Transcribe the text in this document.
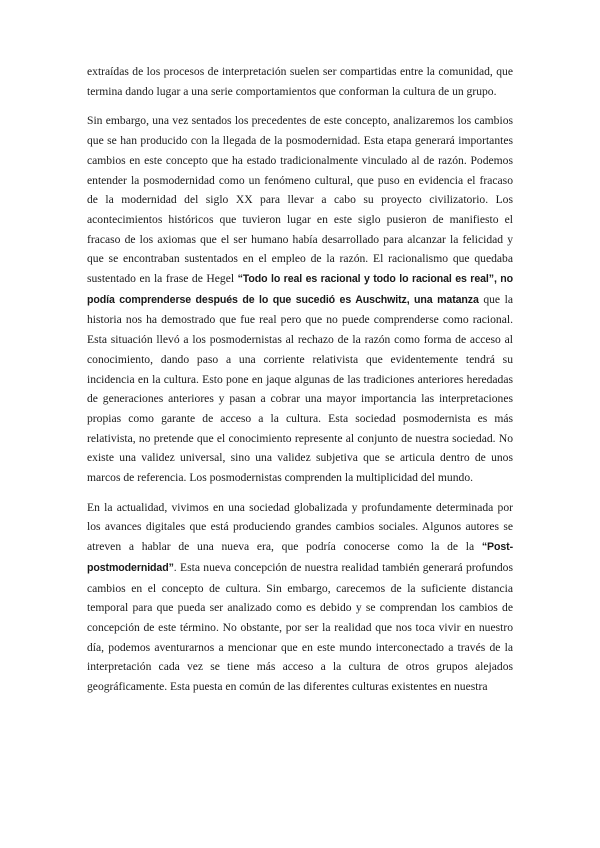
extraídas de los procesos de interpretación suelen ser compartidas entre la comunidad, que termina dando lugar a una serie comportamientos que conforman la cultura de un grupo.

Sin embargo, una vez sentados los precedentes de este concepto, analizaremos los cambios que se han producido con la llegada de la posmodernidad. Esta etapa generará importantes cambios en este concepto que ha estado tradicionalmente vinculado al de razón. Podemos entender la posmodernidad como un fenómeno cultural, que puso en evidencia el fracaso de la modernidad del siglo XX para llevar a cabo su proyecto civilizatorio. Los acontecimientos históricos que tuvieron lugar en este siglo pusieron de manifiesto el fracaso de los axiomas que el ser humano había desarrollado para alcanzar la felicidad y que se encontraban sustentados en el empleo de la razón. El racionalismo que quedaba sustentado en la frase de Hegel “Todo lo real es racional y todo lo racional es real”, no podía comprenderse después de lo que sucedió es Auschwitz, una matanza que la historia nos ha demostrado que fue real pero que no puede comprenderse como racional. Esta situación llevó a los posmodernistas al rechazo de la razón como forma de acceso al conocimiento, dando paso a una corriente relativista que evidentemente tendrá su incidencia en la cultura. Esto pone en jaque algunas de las tradiciones anteriores heredadas de generaciones anteriores y pasan a cobrar una mayor importancia las interpretaciones propias como garante de acceso a la cultura. Esta sociedad posmodernista es más relativista, no pretende que el conocimiento represente al conjunto de nuestra sociedad. No existe una validez universal, sino una validez subjetiva que se articula dentro de unos marcos de referencia. Los posmodernistas comprenden la multiplicidad del mundo.

En la actualidad, vivimos en una sociedad globalizada y profundamente determinada por los avances digitales que está produciendo grandes cambios sociales. Algunos autores se atreven a hablar de una nueva era, que podría conocerse como la de la “Post-postmodernidad”. Esta nueva concepción de nuestra realidad también generará profundos cambios en el concepto de cultura. Sin embargo, carecemos de la suficiente distancia temporal para que pueda ser analizado como es debido y se comprendan los cambios de concepción de este término. No obstante, por ser la realidad que nos toca vivir en nuestro día, podemos aventurarnos a mencionar que en este mundo interconectado a través de la interpretación cada vez se tiene más acceso a la cultura de otros grupos alejados geográficamente. Esta puesta en común de las diferentes culturas existentes en nuestra
